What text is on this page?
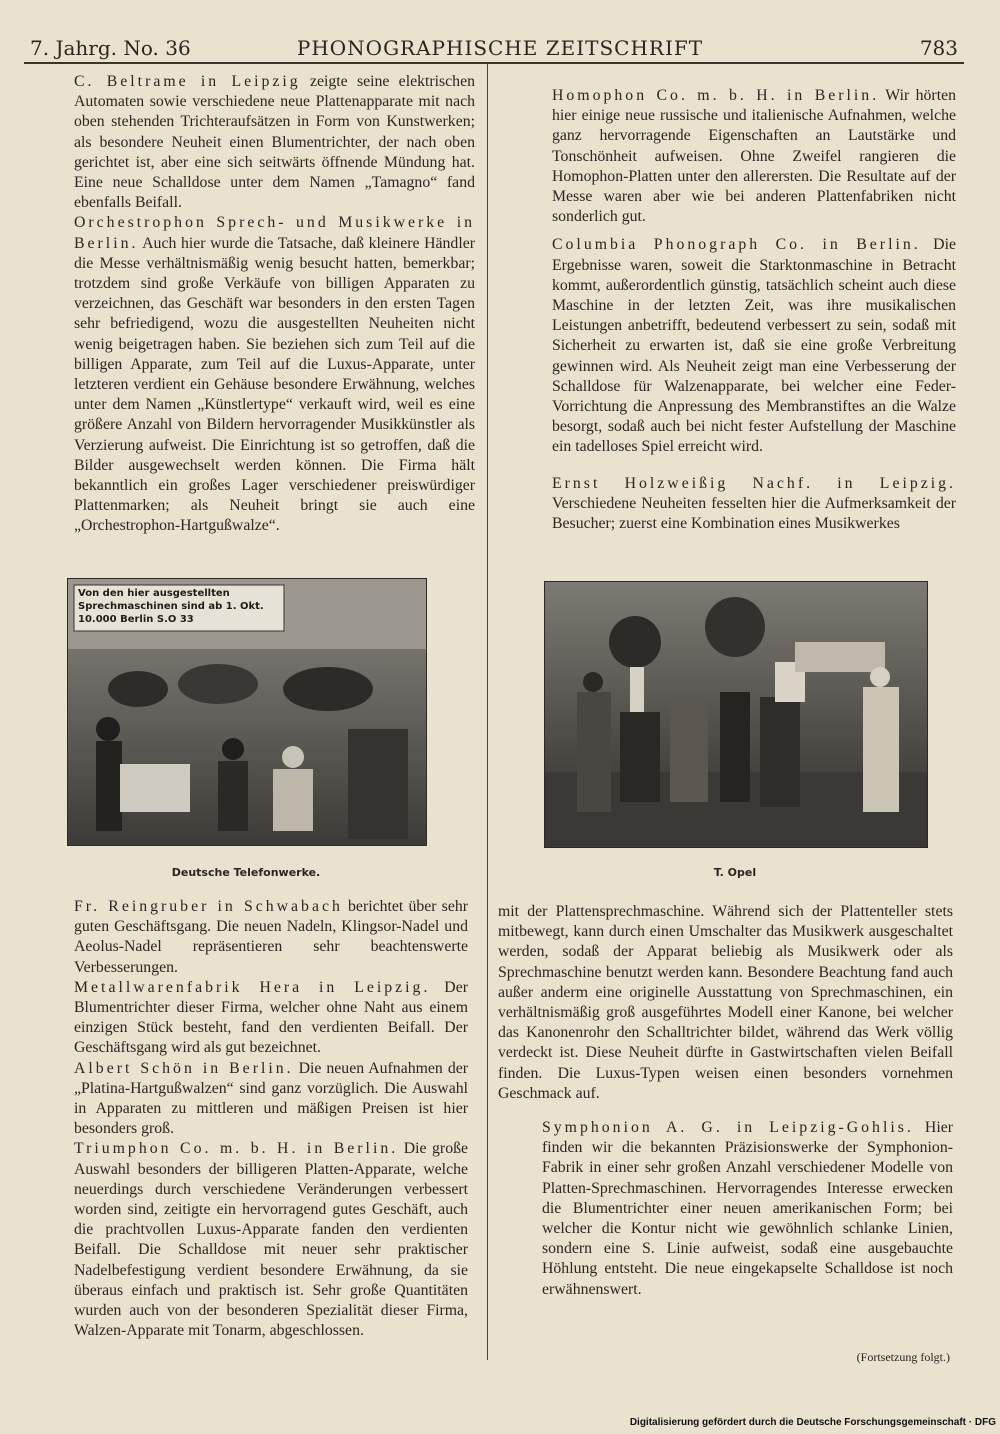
7. Jahrg. No. 36	PHONOGRAPHISCHE ZEITSCHRIFT	783

C. Beltrame in Leipzig zeigte seine elektrischen Automaten sowie verschiedene neue Plattenapparate mit nach oben stehenden Trichteraufsätzen in Form von Kunstwerken; als besondere Neuheit einen Blumentrichter, der nach oben gerichtet ist, aber eine sich seitwärts öffnende Mündung hat. Eine neue Schalldose unter dem Namen „Tamagno“ fand ebenfalls Beifall.

Orchestrophon Sprech- und Musikwerke in Berlin. Auch hier wurde die Tatsache, daß kleinere Händler die Messe verhältnismäßig wenig besucht hatten, bemerkbar; trotzdem sind große Verkäufe von billigen Apparaten zu verzeichnen, das Geschäft war besonders in den ersten Tagen sehr befriedigend, wozu die ausgestellten Neuheiten nicht wenig beigetragen haben. Sie beziehen sich zum Teil auf die billigen Apparate, zum Teil auf die Luxus-Apparate, unter letzteren verdient ein Gehäuse besondere Erwähnung, welches unter dem Namen „Künstlertype“ verkauft wird, weil es eine größere Anzahl von Bildern hervorragender Musikkünstler als Verzierung aufweist. Die Einrichtung ist so getroffen, daß die Bilder ausgewechselt werden können. Die Firma hält bekanntlich ein großes Lager verschiedener preiswürdiger Plattenmarken; als Neuheit bringt sie auch eine „Orchestrophon-Hartgußwalze“.

Homophon Co. m. b. H. in Berlin. Wir hörten hier einige neue russische und italienische Aufnahmen, welche ganz hervorragende Eigenschaften an Lautstärke und Tonschönheit aufweisen. Ohne Zweifel rangieren die Homophon-Platten unter den allerersten. Die Resultate auf der Messe waren aber wie bei anderen Plattenfabriken nicht sonderlich gut.

Columbia Phonograph Co. in Berlin. Die Ergebnisse waren, soweit die Starktonmaschine in Betracht kommt, außerordentlich günstig, tatsächlich scheint auch diese Maschine in der letzten Zeit, was ihre musikalischen Leistungen anbetrifft, bedeutend verbessert zu sein, sodaß mit Sicherheit zu erwarten ist, daß sie eine große Verbreitung gewinnen wird. Als Neuheit zeigt man eine Verbesserung der Schalldose für Walzenapparate, bei welcher eine Feder-Vorrichtung die Anpressung des Membranstiftes an die Walze besorgt, sodaß auch bei nicht fester Aufstellung der Maschine ein tadelloses Spiel erreicht wird.

Ernst Holzweißig Nachf. in Leipzig. Verschiedene Neuheiten fesselten hier die Aufmerksamkeit der Besucher; zuerst eine Kombination eines Musikwerkes

Von den hier ausgestellten Sprechmaschinen sind ab 1. Okt. 10.000 Berlin S.O 33
Deutsche Telefonwerke.	T. Opel

Fr. Reingruber in Schwabach berichtet über sehr guten Geschäftsgang. Die neuen Nadeln, Klingsor-Nadel und Aeolus-Nadel repräsentieren sehr beachtenswerte Verbesserungen.

Metallwarenfabrik Hera in Leipzig. Der Blumentrichter dieser Firma, welcher ohne Naht aus einem einzigen Stück besteht, fand den verdienten Beifall. Der Geschäftsgang wird als gut bezeichnet.

Albert Schön in Berlin. Die neuen Aufnahmen der „Platina-Hartgußwalzen“ sind ganz vorzüglich. Die Auswahl in Apparaten zu mittleren und mäßigen Preisen ist hier besonders groß.

Triumphon Co. m. b. H. in Berlin. Die große Auswahl besonders der billigeren Platten-Apparate, welche neuerdings durch verschiedene Veränderungen verbessert worden sind, zeitigte ein hervorragend gutes Geschäft, auch die prachtvollen Luxus-Apparate fanden den verdienten Beifall. Die Schalldose mit neuer sehr praktischer Nadelbefestigung verdient besondere Erwähnung, da sie überaus einfach und praktisch ist. Sehr große Quantitäten wurden auch von der besonderen Spezialität dieser Firma, Walzen-Apparate mit Tonarm, abgeschlossen.

mit der Plattensprechmaschine. Während sich der Plattenteller stets mitbewegt, kann durch einen Umschalter das Musikwerk ausgeschaltet werden, sodaß der Apparat beliebig als Musikwerk oder als Sprechmaschine benutzt werden kann. Besondere Beachtung fand auch außer anderm eine originelle Ausstattung von Sprechmaschinen, ein verhältnismäßig groß ausgeführtes Modell einer Kanone, bei welcher das Kanonenrohr den Schalltrichter bildet, während das Werk völlig verdeckt ist. Diese Neuheit dürfte in Gastwirtschaften vielen Beifall finden. Die Luxus-Typen weisen einen besonders vornehmen Geschmack auf.

Symphonion A. G. in Leipzig-Gohlis. Hier finden wir die bekannten Präzisionswerke der Symphonion-Fabrik in einer sehr großen Anzahl verschiedener Modelle von Platten-Sprechmaschinen. Hervorragendes Interesse erwecken die Blumentrichter einer neuen amerikanischen Form; bei welcher die Kontur nicht wie gewöhnlich schlanke Linien, sondern eine S. Linie aufweist, sodaß eine ausgebauchte Höhlung entsteht. Die neue eingekapselte Schalldose ist noch erwähnenswert.

(Fortsetzung folgt.)
Digitalisierung gefördert durch die Deutsche Forschungsgemeinschaft · DFG
